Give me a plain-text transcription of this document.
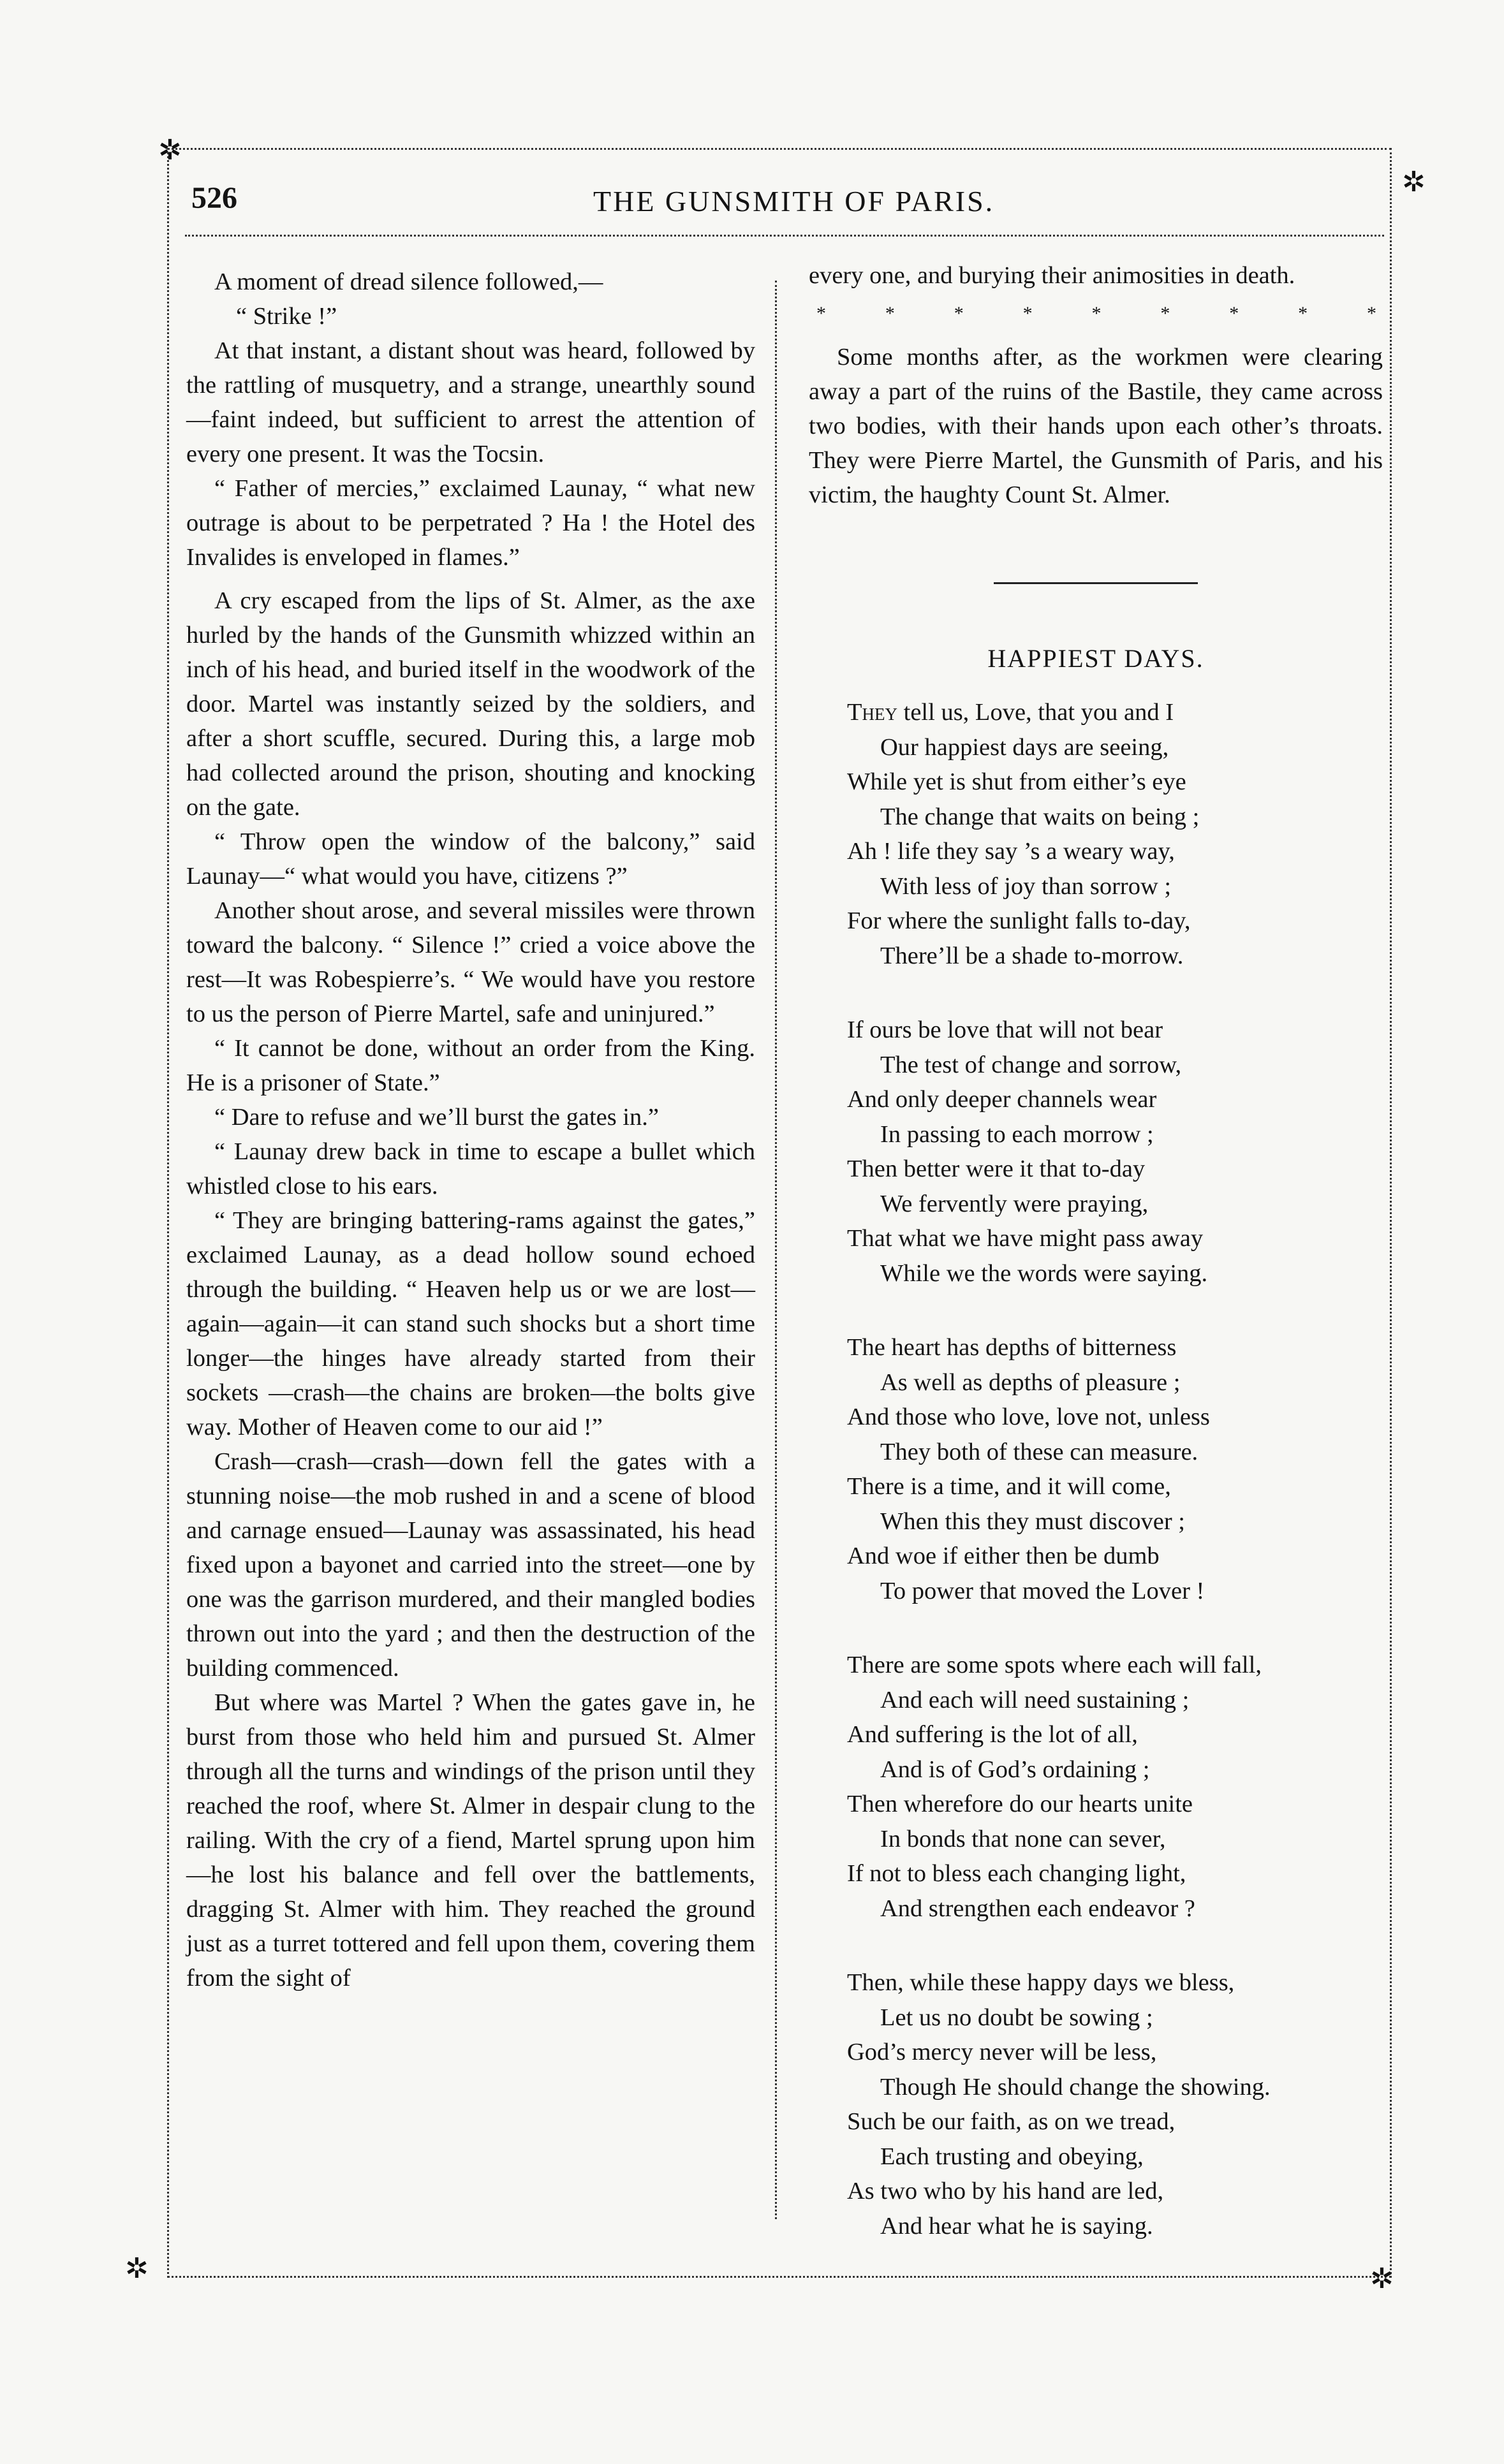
✲
✲
✲	✲
526	THE GUNSMITH OF PARIS.

A moment of dread silence followed,—

“ Strike !”

At that instant, a distant shout was heard, followed by the rattling of musquetry, and a strange, unearthly sound—faint indeed, but sufficient to arrest the attention of every one present. It was the Tocsin.

“ Father of mercies,” exclaimed Launay, “ what new outrage is about to be perpetrated ? Ha ! the Hotel des Invalides is enveloped in flames.”

A cry escaped from the lips of St. Almer, as the axe hurled by the hands of the Gunsmith whizzed within an inch of his head, and buried itself in the woodwork of the door. Martel was instantly seized by the soldiers, and after a short scuffle, secured. During this, a large mob had collected around the prison, shouting and knocking on the gate.

“ Throw open the window of the balcony,” said Launay—“ what would you have, citizens ?”

Another shout arose, and several missiles were thrown toward the balcony. “ Silence !” cried a voice above the rest—It was Robespierre’s. “ We would have you restore to us the person of Pierre Martel, safe and uninjured.”

“ It cannot be done, without an order from the King. He is a prisoner of State.”

“ Dare to refuse and we’ll burst the gates in.”

“ Launay drew back in time to escape a bullet which whistled close to his ears.

“ They are bringing battering-rams against the gates,” exclaimed Launay, as a dead hollow sound echoed through the building. “ Heaven help us or we are lost—again—again—it can stand such shocks but a short time longer—the hinges have already started from their sockets —crash—the chains are broken—the bolts give way. Mother of Heaven come to our aid !”

Crash—crash—crash—down fell the gates with a stunning noise—the mob rushed in and a scene of blood and carnage ensued—Launay was assassinated, his head fixed upon a bayonet and carried into the street—one by one was the garrison murdered, and their mangled bodies thrown out into the yard ; and then the destruction of the building commenced.

But where was Martel ? When the gates gave in, he burst from those who held him and pursued St. Almer through all the turns and windings of the prison until they reached the roof, where St. Almer in despair clung to the railing. With the cry of a fiend, Martel sprung upon him —he lost his balance and fell over the battlements, dragging St. Almer with him. They reached the ground just as a turret tottered and fell upon them, covering them from the sight of

every one, and burying their animosities in death.

*	*	*	*	*	*	*	*	*

Some months after, as the workmen were clearing away a part of the ruins of the Bastile, they came across two bodies, with their hands upon each other’s throats. They were Pierre Martel, the Gunsmith of Paris, and his victim, the haughty Count St. Almer.

HAPPIEST DAYS.
They tell us, Love, that you and I
Our happiest days are seeing,
While yet is shut from either’s eye
The change that waits on being ;
Ah ! life they say ’s a weary way,
With less of joy than sorrow ;
For where the sunlight falls to-day,
There’ll be a shade to-morrow.
If ours be love that will not bear
The test of change and sorrow,
And only deeper channels wear
In passing to each morrow ;
Then better were it that to-day
We fervently were praying,
That what we have might pass away
While we the words were saying.
The heart has depths of bitterness
As well as depths of pleasure ;
And those who love, love not, unless
They both of these can measure.
There is a time, and it will come,
When this they must discover ;
And woe if either then be dumb
To power that moved the Lover !
There are some spots where each will fall,
And each will need sustaining ;
And suffering is the lot of all,
And is of God’s ordaining ;
Then wherefore do our hearts unite
In bonds that none can sever,
If not to bless each changing light,
And strengthen each endeavor ?
Then, while these happy days we bless,
Let us no doubt be sowing ;
God’s mercy never will be less,
Though He should change the showing.
Such be our faith, as on we tread,
Each trusting and obeying,
As two who by his hand are led,
And hear what he is saying.
